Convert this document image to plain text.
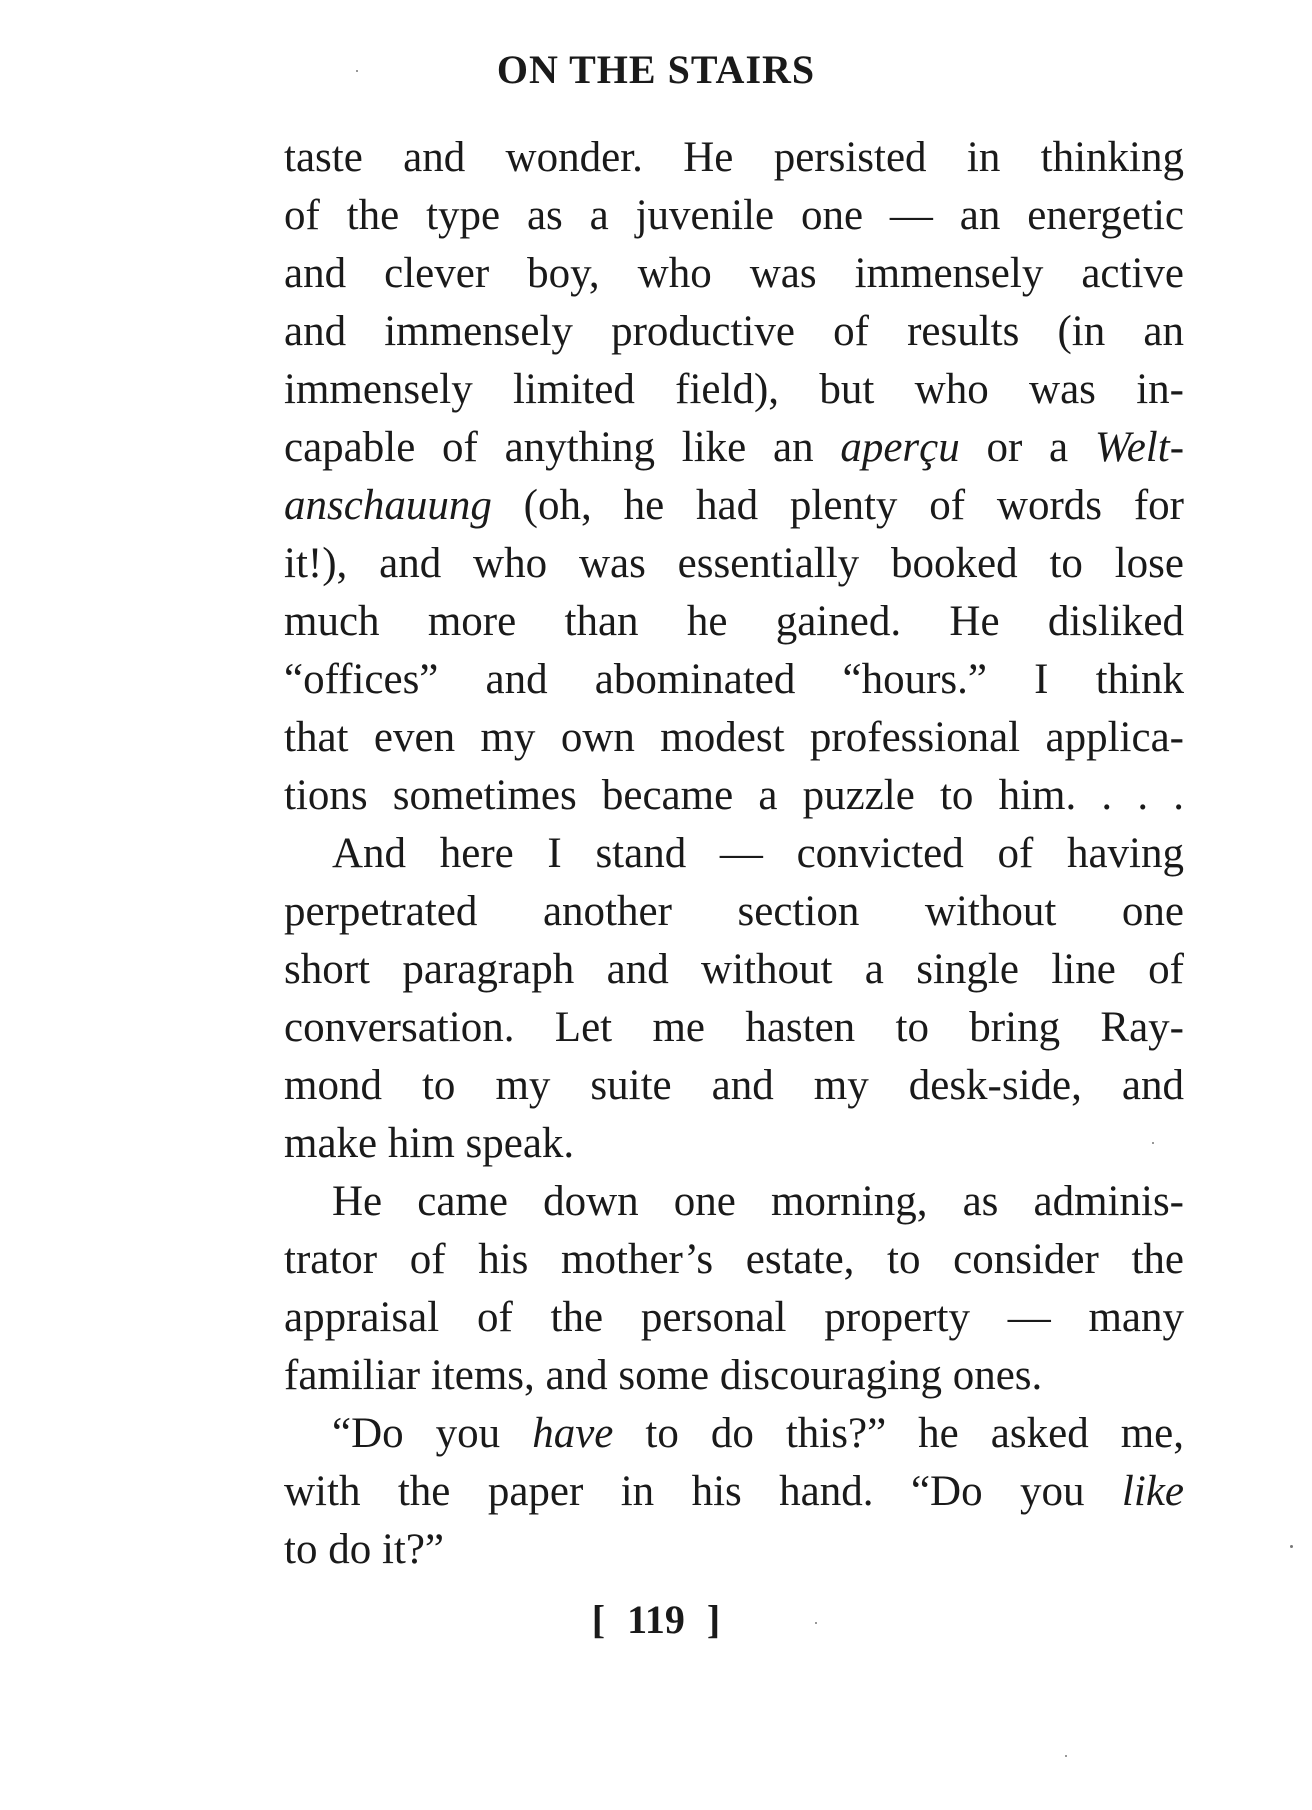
ON THE STAIRS
taste and wonder. He persisted in thinking
of the type as a juvenile one — an energetic
and clever boy, who was immensely active
and immensely productive of results (in an
immensely limited field), but who was in-
capable of anything like an aperçu or a Welt-
anschauung (oh, he had plenty of words for
it!), and who was essentially booked to lose
much more than he gained. He disliked
“offices” and abominated “hours.” I think
that even my own modest professional applica-
tions sometimes became a puzzle to him. . . .
And here I stand — convicted of having
perpetrated another section without one
short paragraph and without a single line of
conversation. Let me hasten to bring Ray-
mond to my suite and my desk-side, and
make him speak.
He came down one morning, as adminis-
trator of his mother’s estate, to consider the
appraisal of the personal property — many
familiar items, and some discouraging ones.
“Do you have to do this?” he asked me,
with the paper in his hand. “Do you like
to do it?”
[ 119 ]
